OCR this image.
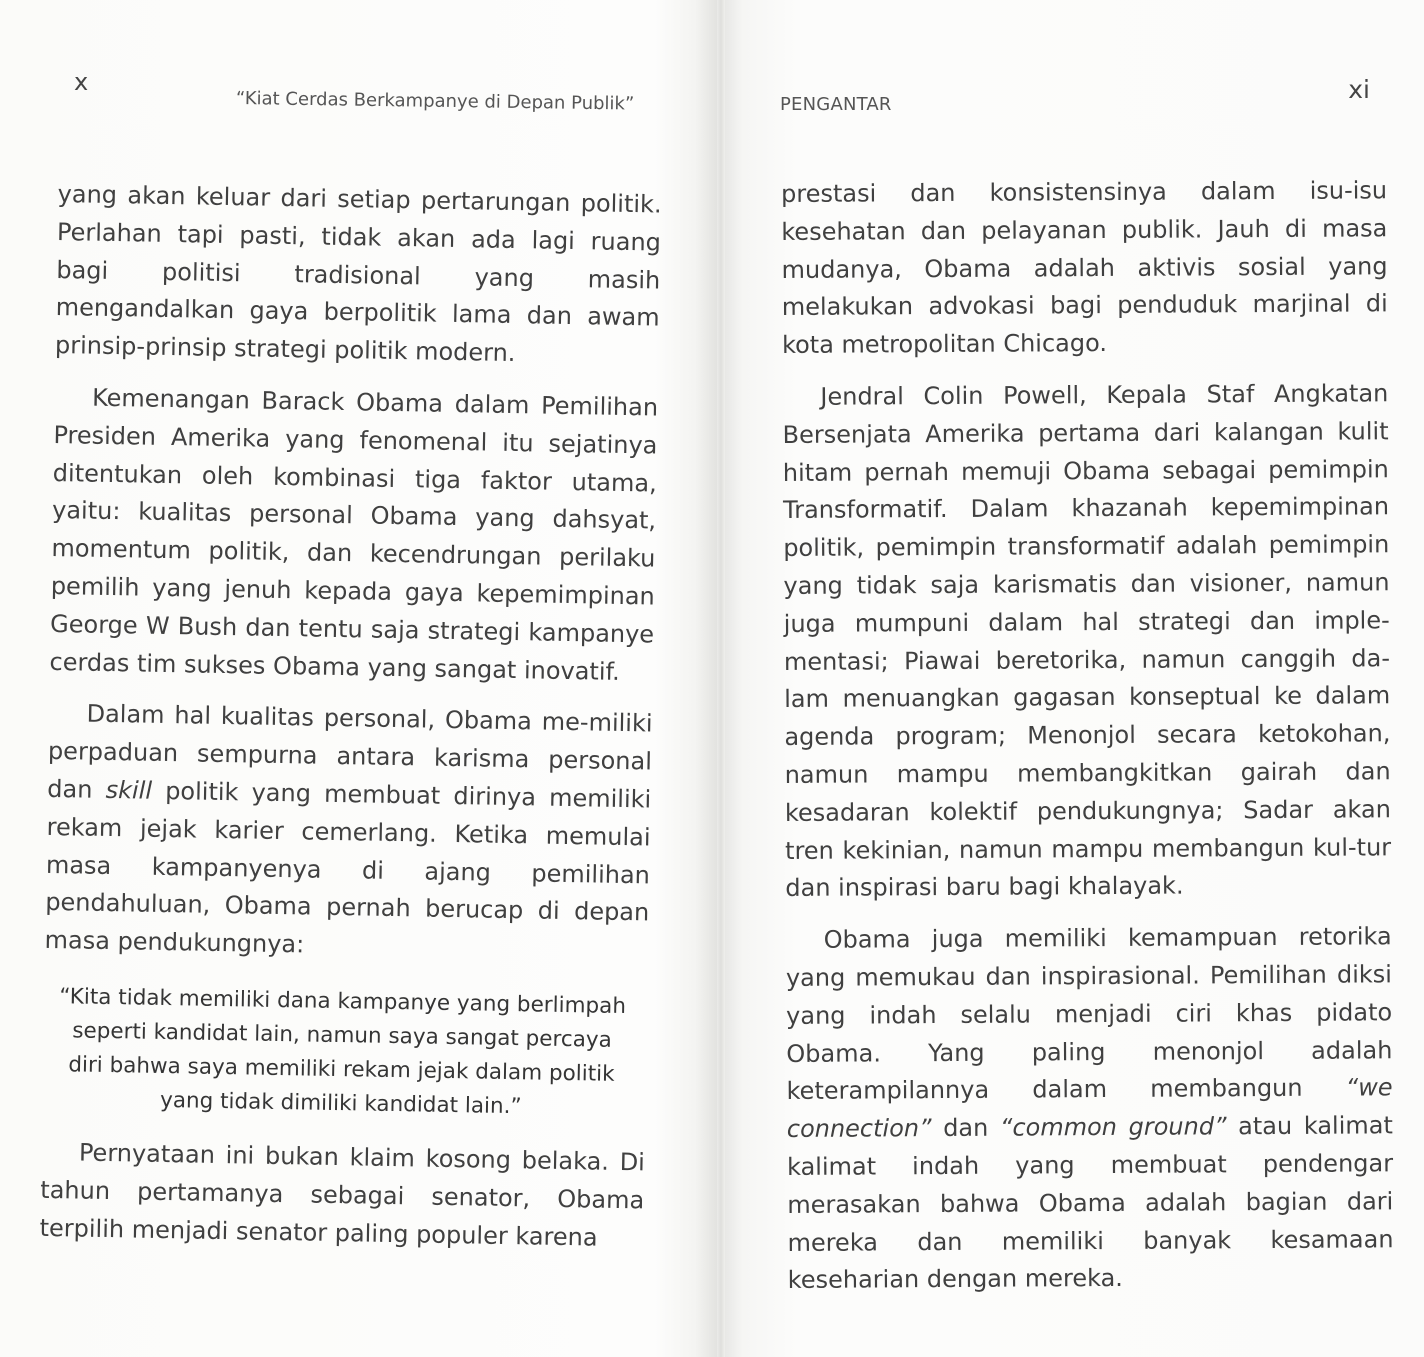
x
“Kiat Cerdas Berkampanye di Depan Publik”

yang akan keluar dari setiap pertarungan politik. Perlahan tapi pasti, tidak akan ada lagi ruang bagi politisi tradisional yang masih mengandalkan gaya berpolitik lama dan awam prinsip-prinsip strategi politik modern.

Kemenangan Barack Obama dalam Pemilihan Presiden Amerika yang fenomenal itu sejatinya ditentukan oleh kombinasi tiga faktor utama, yaitu: kualitas personal Obama yang dahsyat, momentum politik, dan kecendrungan perilaku pemilih yang jenuh kepada gaya kepemimpinan George W Bush dan tentu saja strategi kampanye cerdas tim sukses Obama yang sangat inovatif.

Dalam hal kualitas personal, Obama me-miliki perpaduan sempurna antara karisma personal dan skill politik yang membuat dirinya memiliki rekam jejak karier cemerlang. Ketika memulai masa kampanyenya di ajang pemilihan pendahuluan, Obama pernah berucap di depan masa pendukungnya:

“Kita tidak memiliki dana kampanye yang berlimpah seperti kandidat lain, namun saya sangat percaya diri bahwa saya memiliki rekam jejak dalam politik yang tidak dimiliki kandidat lain.”

Pernyataan ini bukan klaim kosong belaka. Di tahun pertamanya sebagai senator, Obama terpilih menjadi senator paling populer karena

PENGANTAR
xi

prestasi dan konsistensinya dalam isu-isu kesehatan dan pelayanan publik. Jauh di masa mudanya, Obama adalah aktivis sosial yang melakukan advokasi bagi penduduk marjinal di kota metropolitan Chicago.

Jendral Colin Powell, Kepala Staf Angkatan Bersenjata Amerika pertama dari kalangan kulit hitam pernah memuji Obama sebagai pemimpin Transformatif. Dalam khazanah kepemimpinan politik, pemimpin transformatif adalah pemimpin yang tidak saja karismatis dan visioner, namun juga mumpuni dalam hal strategi dan imple-mentasi; Piawai beretorika, namun canggih da-lam menuangkan gagasan konseptual ke dalam agenda program; Menonjol secara ketokohan, namun mampu membangkitkan gairah dan kesadaran kolektif pendukungnya; Sadar akan tren kekinian, namun mampu membangun kul-tur dan inspirasi baru bagi khalayak.

Obama juga memiliki kemampuan retorika yang memukau dan inspirasional. Pemilihan diksi yang indah selalu menjadi ciri khas pidato Obama. Yang paling menonjol adalah keterampilannya dalam membangun “we connection” dan “common ground” atau kalimat kalimat indah yang membuat pendengar merasakan bahwa Obama adalah bagian dari mereka dan memiliki banyak kesamaan keseharian dengan mereka.
